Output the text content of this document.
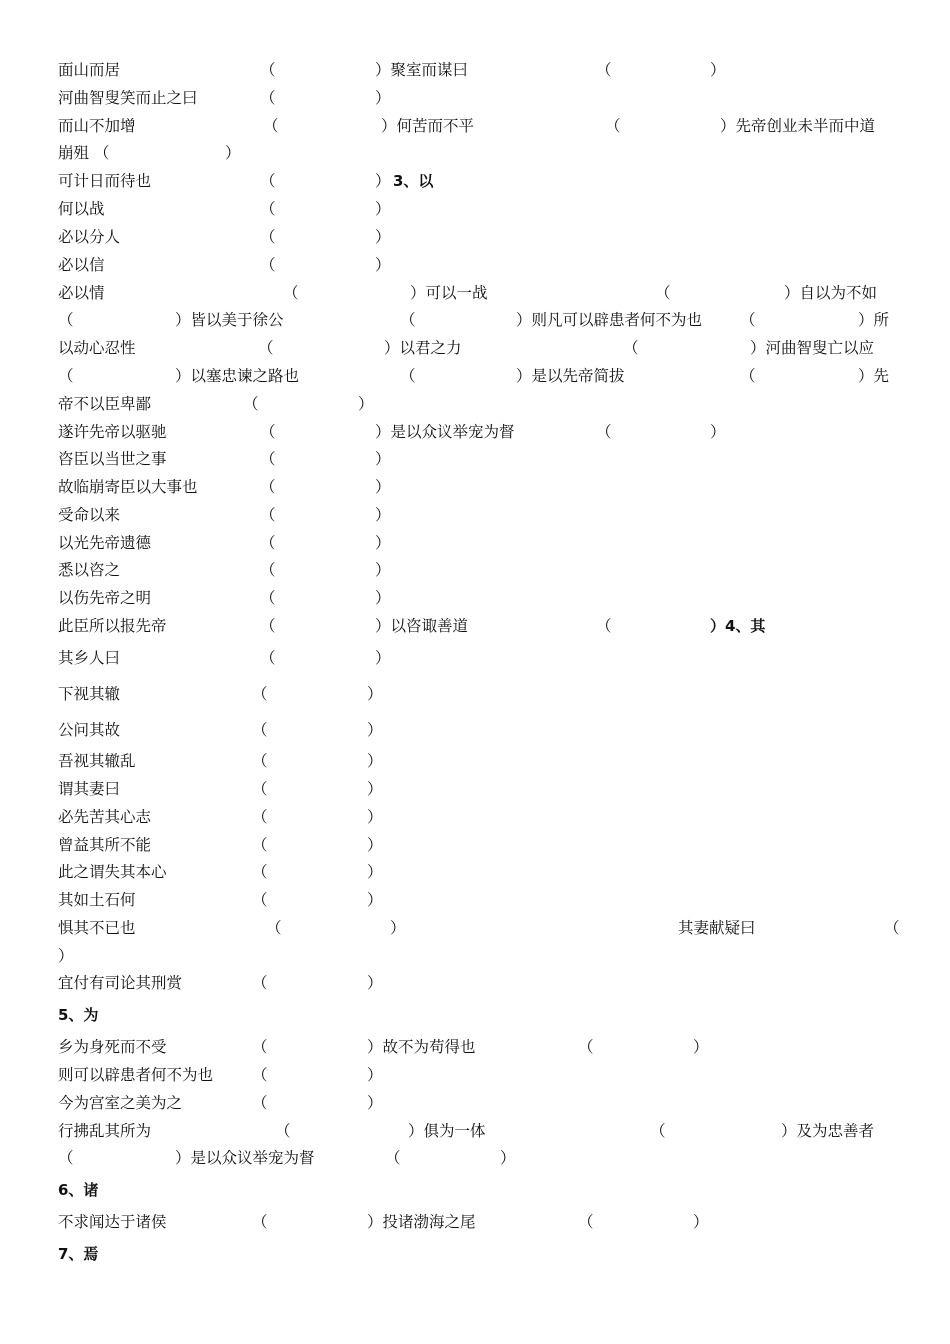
面山而居	（	）聚室而谋曰	（	）
河曲智叟笑而止之曰	（	）
而山不加增	（	）何苦而不平	（	）先帝创业未半而中道
崩殂 （	）
可计日而待也	（	） 3、以
何以战	（	）
必以分人	（	）
必以信	（	）
必以情	（	）可以一战	（	）自以为不如
（	）皆以美于徐公	（	）则凡可以辟患者何不为也 （	）所
以动心忍性	（	）以君之力	（	）河曲智叟亡以应
（	）以塞忠谏之路也	（	）是以先帝简拔	（	）先
帝不以臣卑鄙	（	）
遂许先帝以驱驰	（	）是以众议举宠为督	（	）
咨臣以当世之事	（	）
故临崩寄臣以大事也	（	）
受命以来	（	）
以光先帝遗德	（	）
悉以咨之	（	）
以伤先帝之明	（	）
此臣所以报先帝	（	）以咨诹善道	（	）4、其
其乡人曰	（	）
下视其辙	（	）
公问其故	（	）
吾视其辙乱	（	）
谓其妻曰	（	）
必先苦其心志	（	）
曾益其所不能	（	）
此之谓失其本心	（	）
其如土石何	（	）
惧其不已也	（	）	其妻献疑曰	（
）
宜付有司论其刑赏	（	）
5、为
乡为身死而不受	（	）故不为苟得也	（	）
则可以辟患者何不为也	（	）
今为宫室之美为之	（	）
行拂乱其所为	（	）俱为一体	（	）及为忠善者
（	）是以众议举宠为督	（	）
6、诸
不求闻达于诸侯	（	）投诸渤海之尾	（	）
7、焉
